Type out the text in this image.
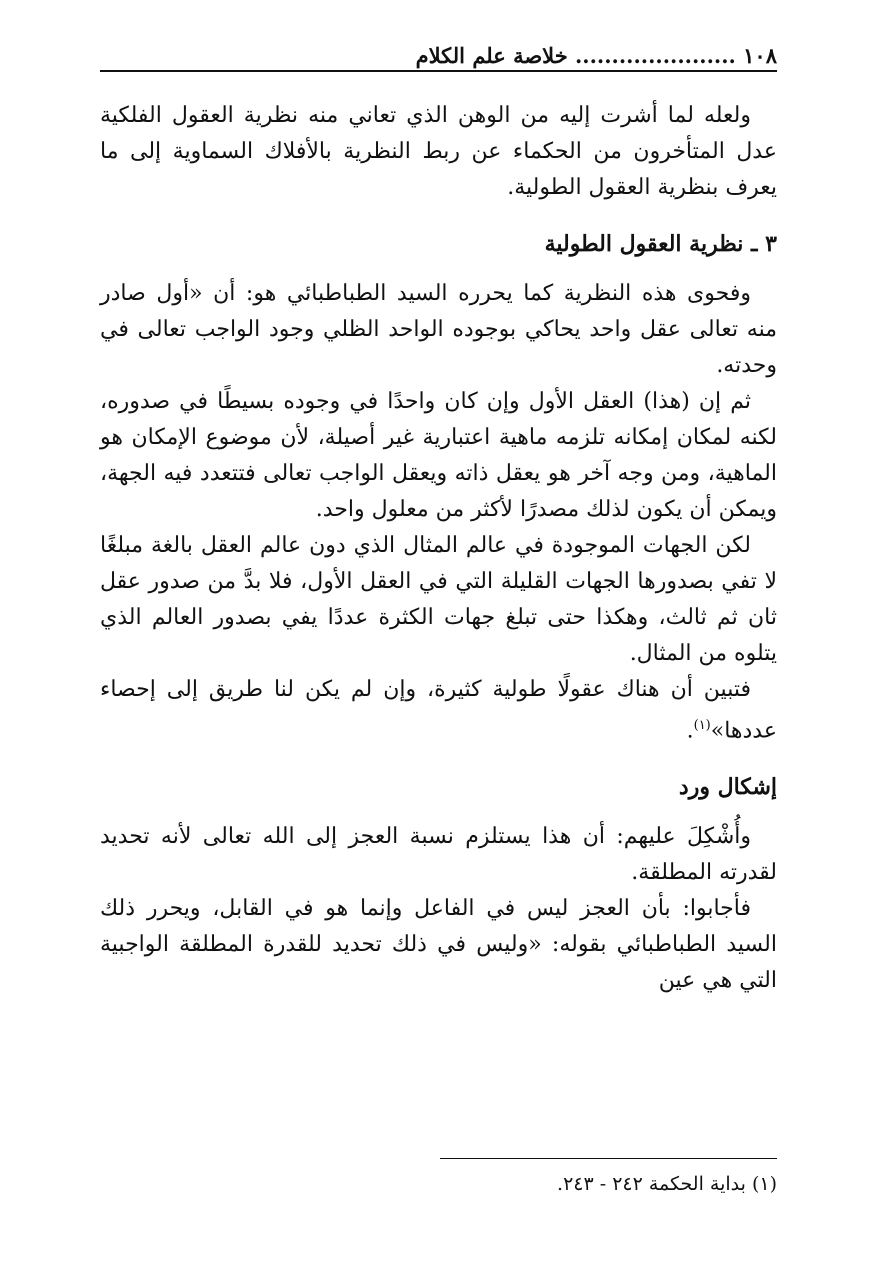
١٠٨ ...................... خلاصة علم الكلام

ولعله لما أشرت إليه من الوهن الذي تعاني منه نظرية العقول الفلكية عدل المتأخرون من الحكماء عن ربط النظرية بالأفلاك السماوية إلى ما يعرف بنظرية العقول الطولية.

٣ ـ نظرية العقول الطولية

وفحوى هذه النظرية كما يحرره السيد الطباطبائي هو: أن «أول صادر منه تعالى عقل واحد يحاكي بوجوده الواحد الظلي وجود الواجب تعالى في وحدته.

ثم إن (هذا) العقل الأول وإن كان واحدًا في وجوده بسيطًا في صدوره، لكنه لمكان إمكانه تلزمه ماهية اعتبارية غير أصيلة، لأن موضوع الإمكان هو الماهية، ومن وجه آخر هو يعقل ذاته ويعقل الواجب تعالى فتتعدد فيه الجهة، ويمكن أن يكون لذلك مصدرًا لأكثر من معلول واحد.

لكن الجهات الموجودة في عالم المثال الذي دون عالم العقل بالغة مبلغًا لا تفي بصدورها الجهات القليلة التي في العقل الأول، فلا بدَّ من صدور عقل ثان ثم ثالث، وهكذا حتى تبلغ جهات الكثرة عددًا يفي بصدور العالم الذي يتلوه من المثال.

فتبين أن هناك عقولًا طولية كثيرة، وإن لم يكن لنا طريق إلى إحصاء عددها»$^{(١)}$.

إشكال ورد

وأُشْكِلَ عليهم: أن هذا يستلزم نسبة العجز إلى الله تعالى لأنه تحديد لقدرته المطلقة.

فأجابوا: بأن العجز ليس في الفاعل وإنما هو في القابل، ويحرر ذلك السيد الطباطبائي بقوله: «وليس في ذلك تحديد للقدرة المطلقة الواجبية التي هي عين

(١) بداية الحكمة ٢٤٢ - ٢٤٣.
